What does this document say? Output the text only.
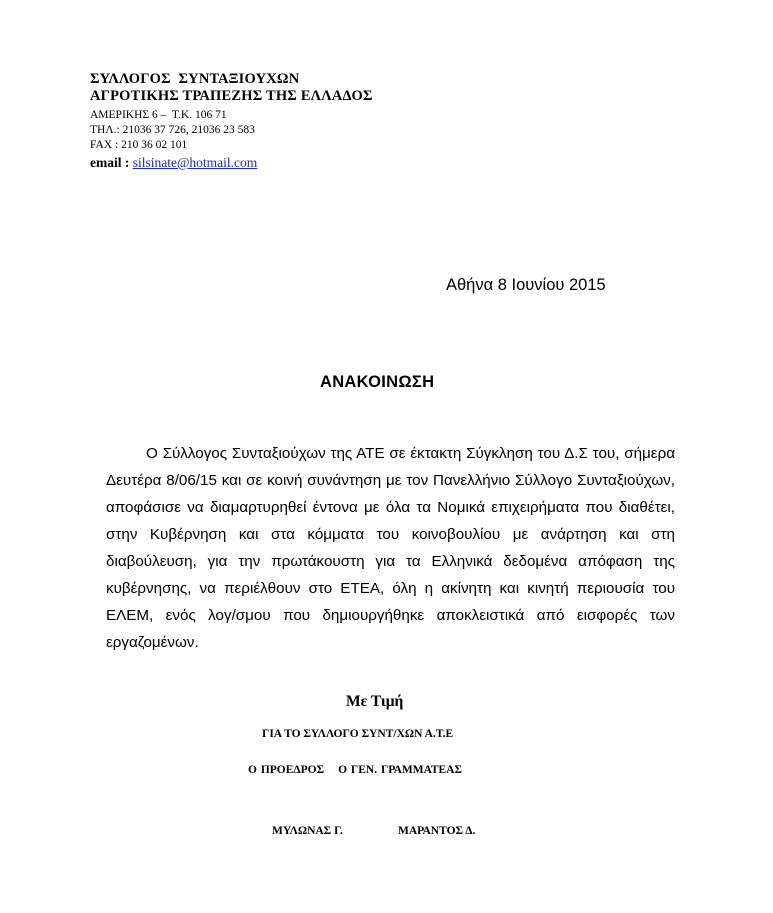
ΣΥΛΛΟΓΟΣ  ΣΥΝΤΑΞΙΟΥΧΩΝ
ΑΓΡΟΤΙΚΗΣ ΤΡΑΠΕΖΗΣ ΤΗΣ ΕΛΛΑΔΟΣ
ΑΜΕΡΙΚΗΣ 6 –  Τ.Κ. 106 71
ΤΗΛ.: 21036 37 726, 21036 23 583
FAX : 210 36 02 101
email : silsinate@hotmail.com
Αθήνα 8 Ιουνίου 2015
ΑΝΑΚΟΙΝΩΣΗ
Ο Σύλλογος Συνταξιούχων της ΑΤΕ σε έκτακτη Σύγκληση του Δ.Σ του, σήμερα Δευτέρα 8/06/15 και σε κοινή συνάντηση με τον Πανελλήνιο Σύλλογο Συνταξιούχων, αποφάσισε να διαμαρτυρηθεί έντονα με όλα τα Νομικά επιχειρήματα που διαθέτει, στην Κυβέρνηση και στα κόμματα του κοινοβουλίου με ανάρτηση και στη διαβούλευση, για την πρωτάκουστη για τα Ελληνικά δεδομένα απόφαση της κυβέρνησης, να περιέλθουν στο ΕΤΕΑ, όλη η ακίνητη και κινητή περιουσία του ΕΛΕΜ, ενός λογ/σμου που δημιουργήθηκε αποκλειστικά από εισφορές των εργαζομένων.
Με Τιμή
ΓΙΑ ΤΟ ΣΥΛΛΟΓΟ ΣΥΝΤ/ΧΩΝ Α.Τ.Ε
Ο ΠΡΟΕΔΡΟΣ Ο ΓΕΝ. ΓΡΑΜΜΑΤΕΑΣ
ΜΥΛΩΝΑΣ Γ.	ΜΑΡΑΝΤΟΣ Δ.
